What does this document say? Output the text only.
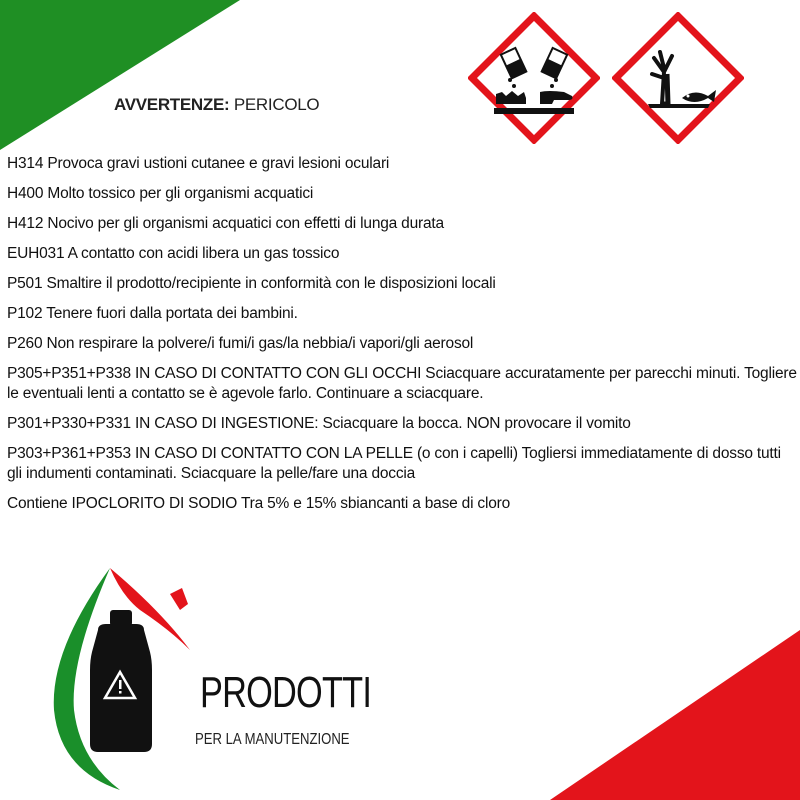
AVVERTENZE: PERICOLO

H314 Provoca gravi ustioni cutanee e gravi lesioni oculari

H400 Molto tossico per gli organismi acquatici

H412 Nocivo per gli organismi acquatici con effetti di lunga durata

EUH031 A contatto con acidi libera un gas tossico

P501 Smaltire il prodotto/recipiente in conformità con le disposizioni locali

P102 Tenere fuori dalla portata dei bambini.

P260 Non respirare la polvere/i fumi/i gas/la nebbia/i vapori/gli aerosol

P305+P351+P338 IN CASO DI CONTATTO CON GLI OCCHI Sciacquare accuratamente per parecchi minuti. Togliere le eventuali lenti a contatto se è agevole farlo. Continuare a sciacquare.

P301+P330+P331 IN CASO DI INGESTIONE: Sciacquare la bocca. NON provocare il vomito

P303+P361+P353 IN CASO DI CONTATTO CON LA PELLE (o con i capelli) Togliersi immediatamente di dosso tutti gli indumenti contaminati. Sciacquare la pelle/fare una doccia

Contiene IPOCLORITO DI SODIO Tra 5% e 15% sbiancanti a base di cloro

PRODOTTI
PER LA MANUTENZIONE
